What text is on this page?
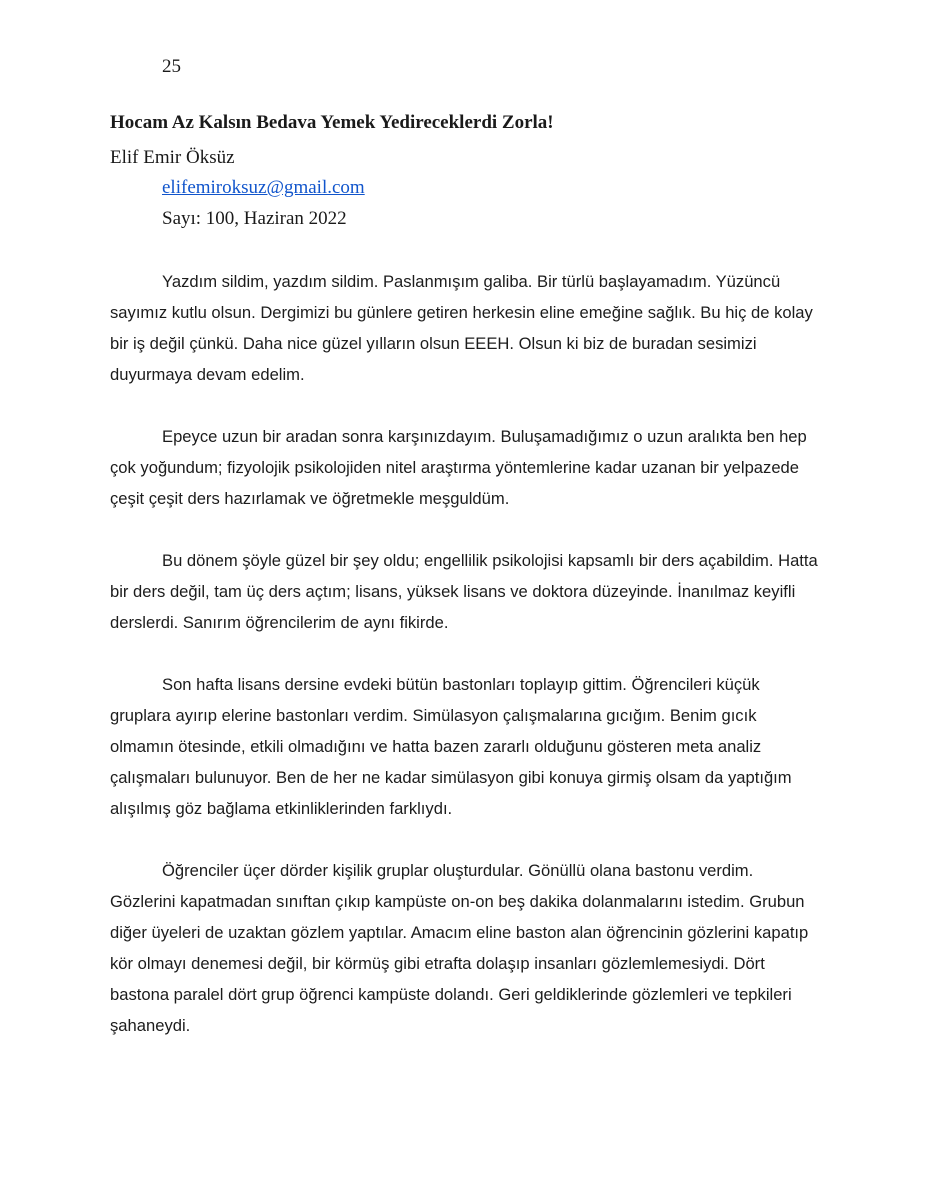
25
Hocam Az Kalsın Bedava Yemek Yedireceklerdi Zorla!
Elif Emir Öksüz
elifemiroksuz@gmail.com
Sayı: 100, Haziran 2022

Yazdım sildim, yazdım sildim. Paslanmışım galiba. Bir türlü başlayamadım. Yüzüncü sayımız kutlu olsun. Dergimizi bu günlere getiren herkesin eline emeğine sağlık. Bu hiç de kolay bir iş değil çünkü. Daha nice güzel yılların olsun EEEH. Olsun ki biz de buradan sesimizi duyurmaya devam edelim.

Epeyce uzun bir aradan sonra karşınızdayım. Buluşamadığımız o uzun aralıkta ben hep çok yoğundum; fizyolojik psikolojiden nitel araştırma yöntemlerine kadar uzanan bir yelpazede çeşit çeşit ders hazırlamak ve öğretmekle meşguldüm.

Bu dönem şöyle güzel bir şey oldu; engellilik psikolojisi kapsamlı bir ders açabildim. Hatta bir ders değil, tam üç ders açtım; lisans, yüksek lisans ve doktora düzeyinde. İnanılmaz keyifli derslerdi. Sanırım öğrencilerim de aynı fikirde.

Son hafta lisans dersine evdeki bütün bastonları toplayıp gittim. Öğrencileri küçük gruplara ayırıp elerine bastonları verdim. Simülasyon çalışmalarına gıcığım. Benim gıcık olmamın ötesinde, etkili olmadığını ve hatta bazen zararlı olduğunu gösteren meta analiz çalışmaları bulunuyor. Ben de her ne kadar simülasyon gibi konuya girmiş olsam da yaptığım alışılmış göz bağlama etkinliklerinden farklıydı.

Öğrenciler üçer dörder kişilik gruplar oluşturdular. Gönüllü olana bastonu verdim. Gözlerini kapatmadan sınıftan çıkıp kampüste on-on beş dakika dolanmalarını istedim. Grubun diğer üyeleri de uzaktan gözlem yaptılar. Amacım eline baston alan öğrencinin gözlerini kapatıp kör olmayı denemesi değil, bir körmüş gibi etrafta dolaşıp insanları gözlemlemesiydi. Dört bastona paralel dört grup öğrenci kampüste dolandı. Geri geldiklerinde gözlemleri ve tepkileri şahaneydi.
